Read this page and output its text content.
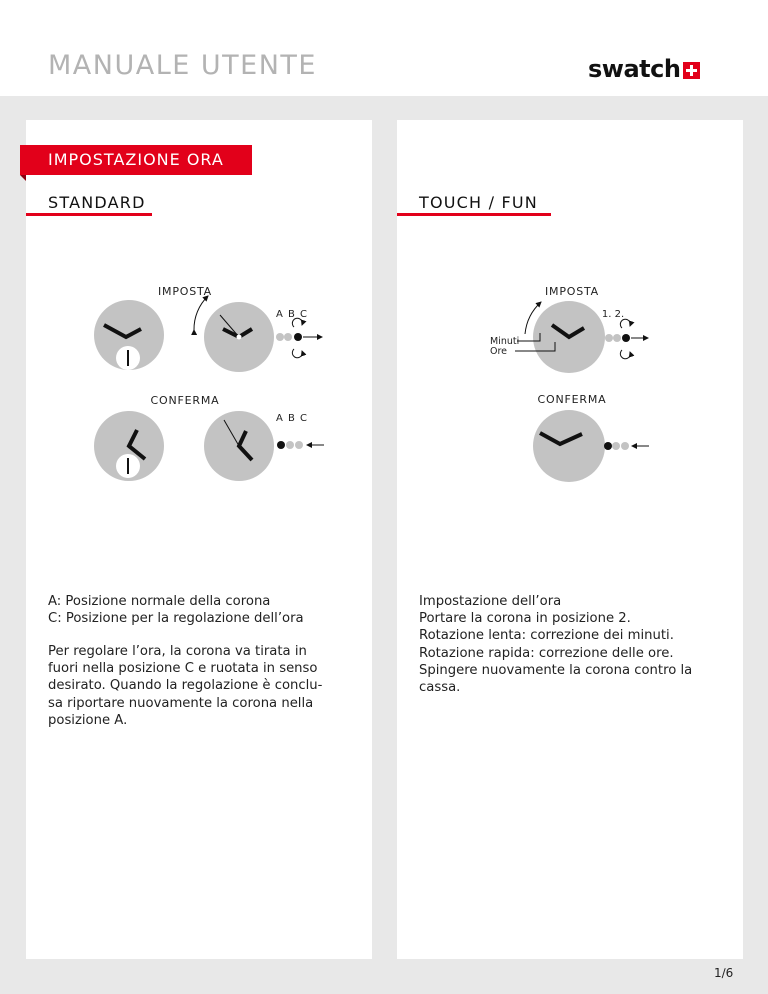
MANUALE UTENTE	swatch
IMPOSTAZIONE ORA
STANDARD	TOUCH ∕ FUN
IMPOSTA
CONFERMA
A B C
A B C
IMPOSTA
CONFERMA
1. 2.
Minuti
Ore

A: Posizione normale della corona

C: Posizione per la regolazione dell’ora

Per regolare l’ora, la corona va tirata in

fuori nella posizione C e ruotata in senso

desirato. Quando la regolazione è conclu-

sa riportare nuovamente la corona nella

posizione A.

Impostazione dell’ora

Portare la corona in posizione 2.

Rotazione lenta: correzione dei minuti.

Rotazione rapida: correzione delle ore.

Spingere nuovamente la corona contro la

cassa.

1∕6
